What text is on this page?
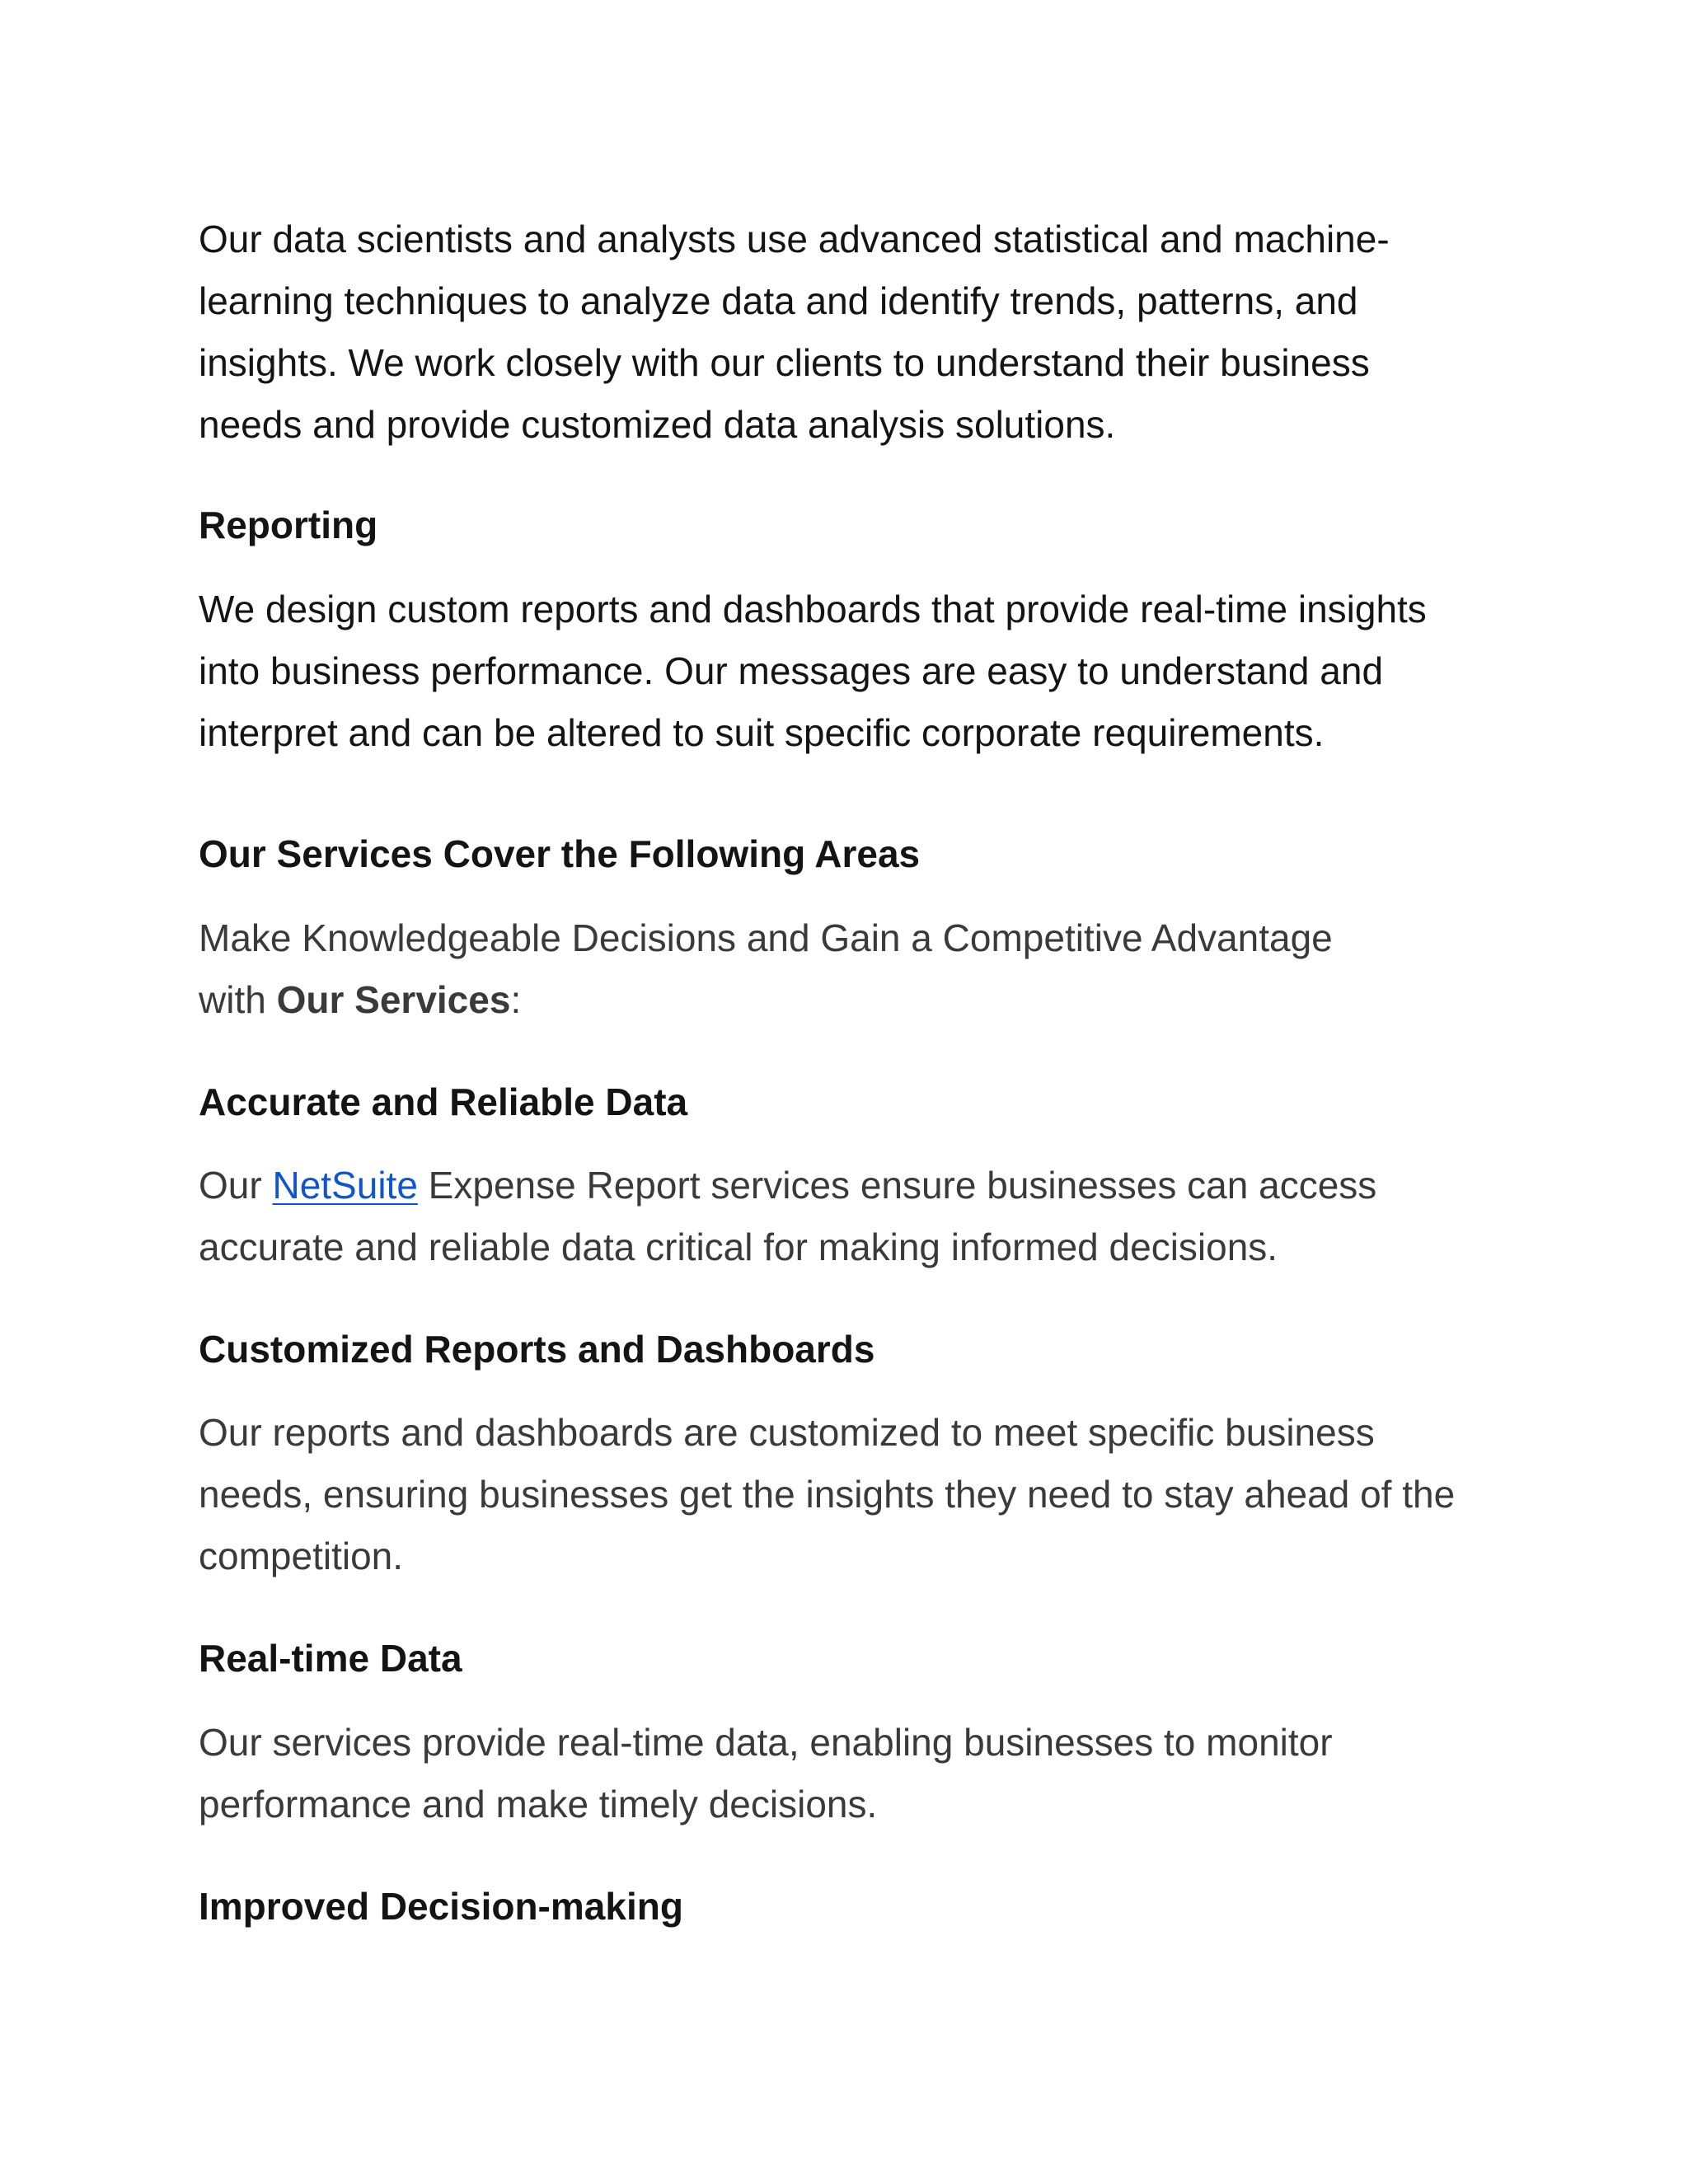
Our data scientists and analysts use advanced statistical and machine-
learning techniques to analyze data and identify trends, patterns, and
insights. We work closely with our clients to understand their business
needs and provide customized data analysis solutions.
Reporting
We design custom reports and dashboards that provide real-time insights
into business performance. Our messages are easy to understand and
interpret and can be altered to suit specific corporate requirements.
Our Services Cover the Following Areas
Make Knowledgeable Decisions and Gain a Competitive Advantage
with Our Services:
Accurate and Reliable Data
Our NetSuite Expense Report services ensure businesses can access
accurate and reliable data critical for making informed decisions.
Customized Reports and Dashboards
Our reports and dashboards are customized to meet specific business
needs, ensuring businesses get the insights they need to stay ahead of the
competition.
Real-time Data
Our services provide real-time data, enabling businesses to monitor
performance and make timely decisions.
Improved Decision-making
